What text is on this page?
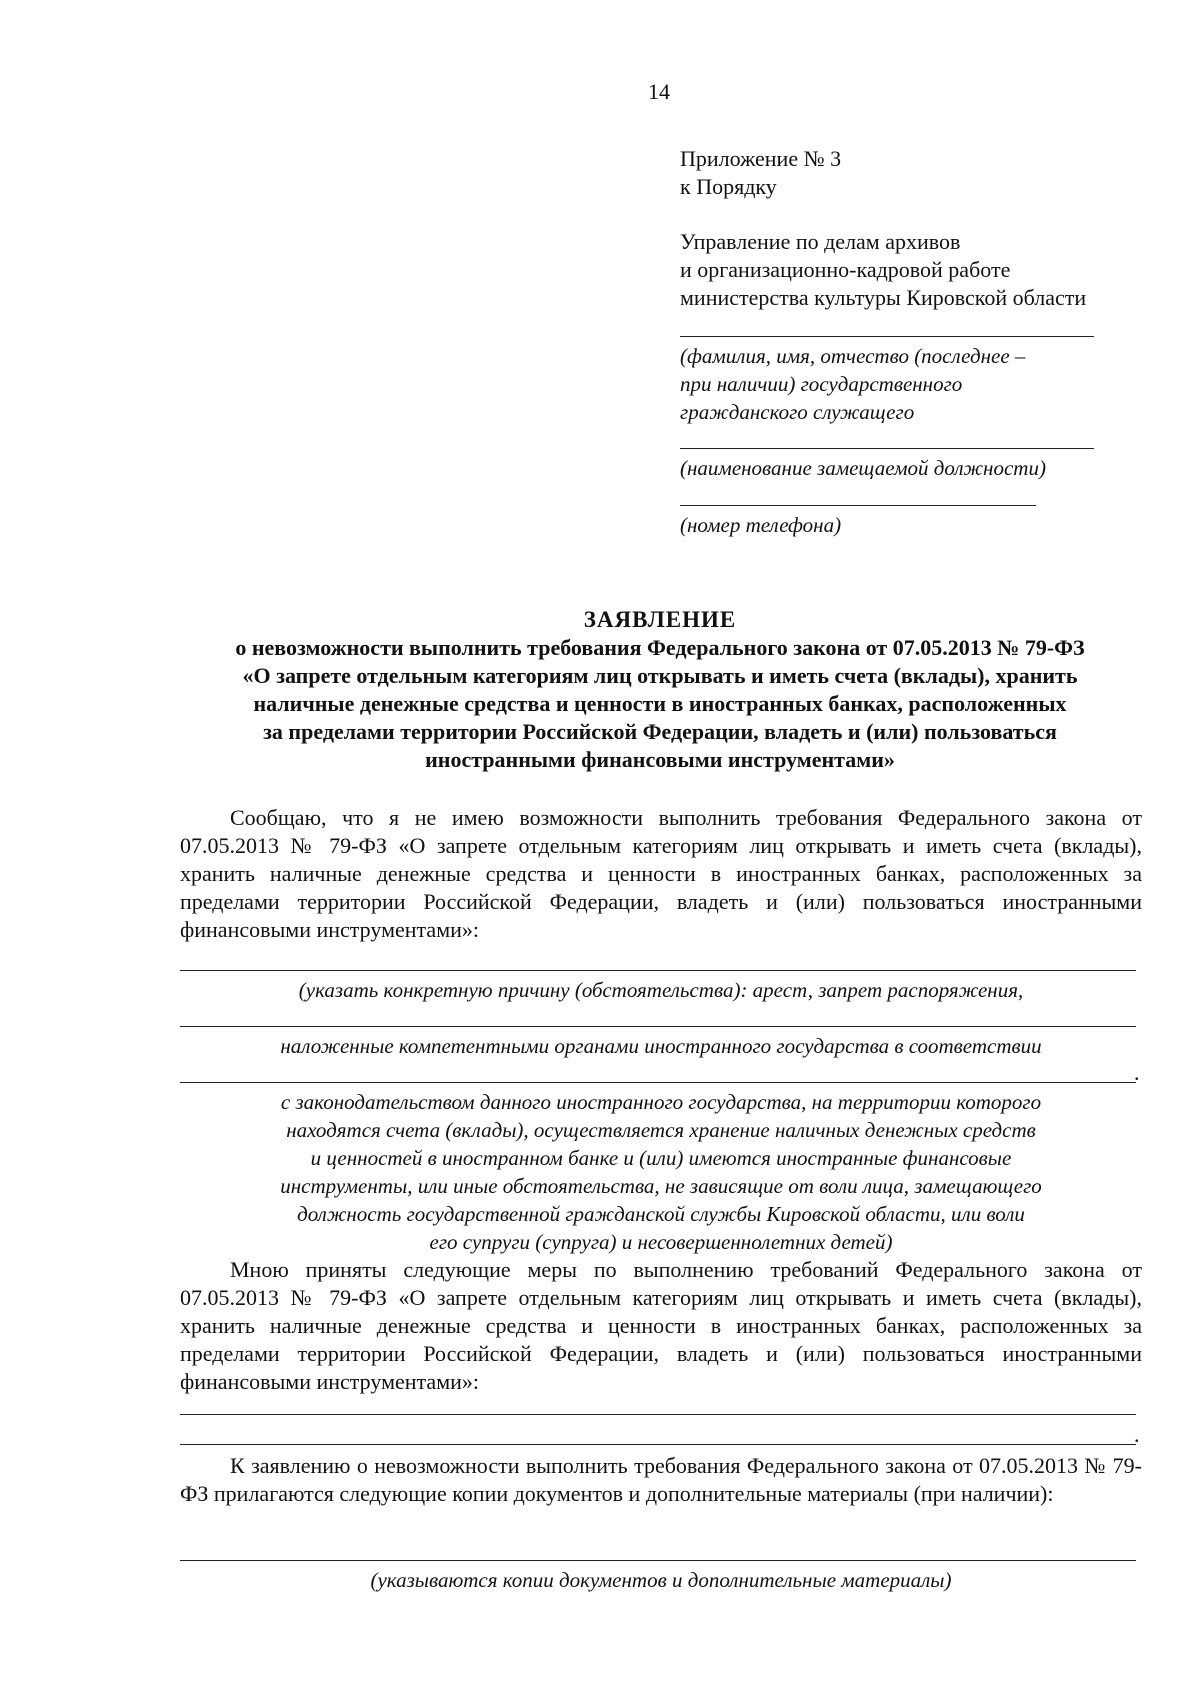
14
Приложение № 3
к Порядку
Управление по делам архивов
и организационно-кадровой работе
министерства культуры Кировской области
(фамилия, имя, отчество (последнее –
при наличии) государственного
гражданского служащего
(наименование замещаемой должности)
(номер телефона)
ЗАЯВЛЕНИЕ
о невозможности выполнить требования Федерального закона от 07.05.2013 № 79-ФЗ
«О запрете отдельным категориям лиц открывать и иметь счета (вклады), хранить
наличные денежные средства и ценности в иностранных банках, расположенных
за пределами территории Российской Федерации, владеть и (или) пользоваться
иностранными финансовыми инструментами»
Сообщаю, что я не имею возможности выполнить требования Федерального закона от 07.05.2013 № 79-ФЗ «О запрете отдельным категориям лиц открывать и иметь счета (вклады), хранить наличные денежные средства и ценности в иностранных банках, расположенных за пределами территории Российской Федерации, владеть и (или) пользоваться иностранными финансовыми инструментами»:
(указать конкретную причину (обстоятельства): арест, запрет распоряжения,
наложенные компетентными органами иностранного государства в соответствии
.
с законодательством данного иностранного государства, на территории которого
находятся счета (вклады), осуществляется хранение наличных денежных средств
и ценностей в иностранном банке и (или) имеются иностранные финансовые
инструменты, или иные обстоятельства, не зависящие от воли лица, замещающего
должность государственной гражданской службы Кировской области, или воли
его супруги (супруга) и несовершеннолетних детей)
Мною приняты следующие меры по выполнению требований Федерального закона от 07.05.2013 № 79-ФЗ «О запрете отдельным категориям лиц открывать и иметь счета (вклады), хранить наличные денежные средства и ценности в иностранных банках, расположенных за пределами территории Российской Федерации, владеть и (или) пользоваться иностранными финансовыми инструментами»:
.
К заявлению о невозможности выполнить требования Федерального закона от 07.05.2013 № 79-ФЗ прилагаются следующие копии документов и дополнительные материалы (при наличии):
(указываются копии документов и дополнительные материалы)
